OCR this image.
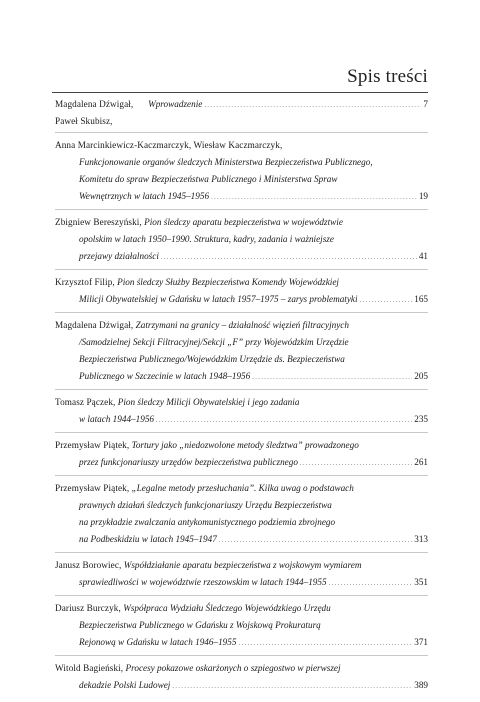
Spis treści
Magdalena Dźwigał, Paweł Skubisz,
Wprowadzenie . . .	7
Anna Marcinkiewicz-Kaczmarczyk, Wiesław Kaczmarczyk,
Funkcjonowanie organów śledczych Ministerstwa Bezpieczeństwa Publicznego,
Komitetu do spraw Bezpieczeństwa Publicznego i Ministerstwa Spraw
Wewnętrznych w latach 1945–1956 . . .	19
Zbigniew Bereszyński, Pion śledczy aparatu bezpieczeństwa w województwie
opolskim w latach 1950–1990. Struktura, kadry, zadania i ważniejsze
przejawy działalności . . .	41
Krzysztof Filip, Pion śledczy Służby Bezpieczeństwa Komendy Wojewódzkiej
Milicji Obywatelskiej w Gdańsku w latach 1957–1975 – zarys problematyki . . .	165
Magdalena Dźwigał, Zatrzymani na granicy – działalność więzień filtracyjnych
/Samodzielnej Sekcji Filtracyjnej/Sekcji „F” przy Wojewódzkim Urzędzie
Bezpieczeństwa Publicznego/Wojewódzkim Urzędzie ds. Bezpieczeństwa
Publicznego w Szczecinie w latach 1948–1956 . . .	205
Tomasz Pączek, Pion śledczy Milicji Obywatelskiej i jego zadania
w latach 1944–1956 . . .	235
Przemysław Piątek, Tortury jako „niedozwolone metody śledztwa” prowadzonego
przez funkcjonariuszy urzędów bezpieczeństwa publicznego . . .	261
Przemysław Piątek, „Legalne metody przesłuchania”. Kilka uwag o podstawach
prawnych działań śledczych funkcjonariuszy Urzędu Bezpieczeństwa
na przykładzie zwalczania antykomunistycznego podziemia zbrojnego
na Podbeskidziu w latach 1945–1947 . . .	313
Janusz Borowiec, Współdziałanie aparatu bezpieczeństwa z wojskowym wymiarem
sprawiedliwości w województwie rzeszowskim w latach 1944–1955 . . .	351
Dariusz Burczyk, Współpraca Wydziału Śledczego Wojewódzkiego Urzędu
Bezpieczeństwa Publicznego w Gdańsku z Wojskową Prokuraturą
Rejonową w Gdańsku w latach 1946–1955 . . .	371
Witold Bagieński, Procesy pokazowe oskarżonych o szpiegostwo w pierwszej
dekadzie Polski Ludowej . . .	389
